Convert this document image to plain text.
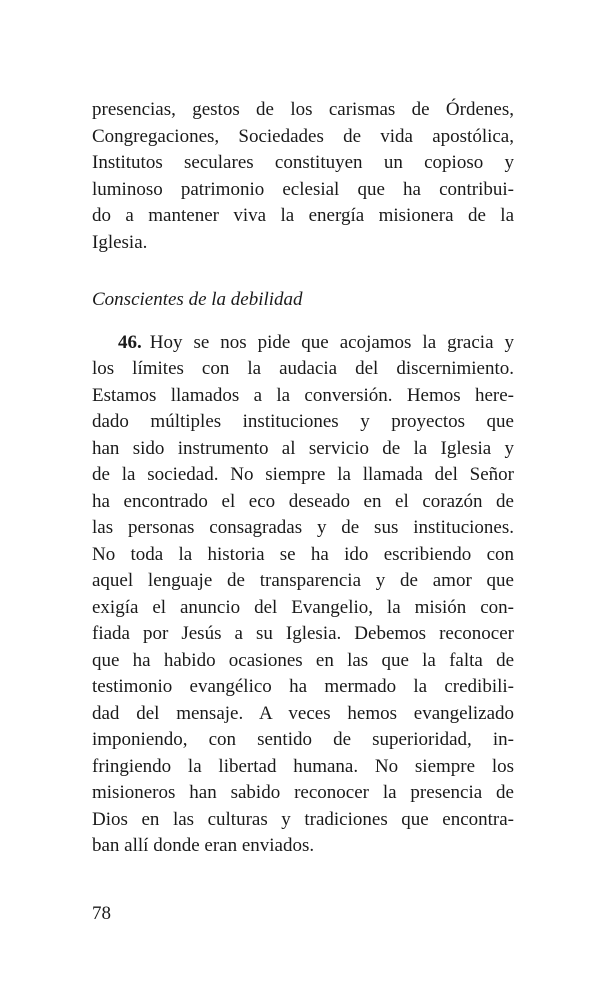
presencias, gestos de los carismas de Órdenes,
Congregaciones, Sociedades de vida apostólica,
Institutos seculares constituyen un copioso y
luminoso patrimonio eclesial que ha contribui-
do a mantener viva la energía misionera de la
Iglesia.
Conscientes de la debilidad
46. Hoy se nos pide que acojamos la gracia y
los límites con la audacia del discernimiento.
Estamos llamados a la conversión. Hemos here-
dado múltiples instituciones y proyectos que
han sido instrumento al servicio de la Iglesia y
de la sociedad. No siempre la llamada del Señor
ha encontrado el eco deseado en el corazón de
las personas consagradas y de sus instituciones.
No toda la historia se ha ido escribiendo con
aquel lenguaje de transparencia y de amor que
exigía el anuncio del Evangelio, la misión con-
fiada por Jesús a su Iglesia. Debemos reconocer
que ha habido ocasiones en las que la falta de
testimonio evangélico ha mermado la credibili-
dad del mensaje. A veces hemos evangelizado
imponiendo, con sentido de superioridad, in-
fringiendo la libertad humana. No siempre los
misioneros han sabido reconocer la presencia de
Dios en las culturas y tradiciones que encontra-
ban allí donde eran enviados.
78
